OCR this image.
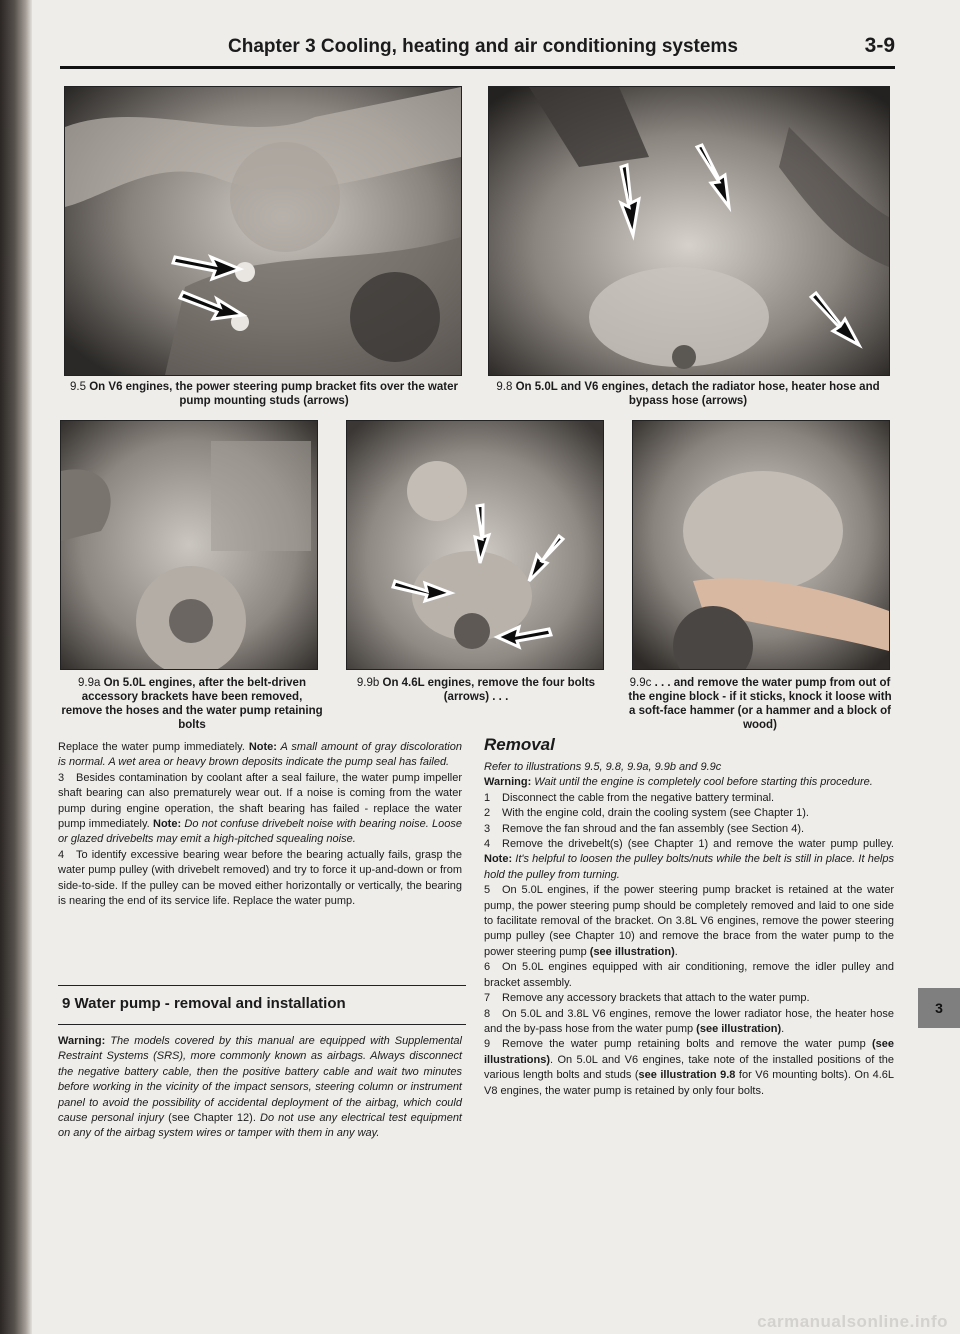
Chapter 3 Cooling, heating and air conditioning systems	3-9
9.5 On V6 engines, the power steering pump bracket fits over the water pump mounting studs (arrows)
9.8 On 5.0L and V6 engines, detach the radiator hose, heater hose and bypass hose (arrows)
9.9a On 5.0L engines, after the belt-driven accessory brackets have been removed, remove the hoses and the water pump retaining bolts
9.9b On 4.6L engines, remove the four bolts (arrows) . . .
9.9c . . . and remove the water pump from out of the engine block - if it sticks, knock it loose with a soft-face hammer (or a hammer and a block of wood)

Replace the water pump immediately. Note: A small amount of gray discoloration is normal. A wet area or heavy brown deposits indicate the pump seal has failed.

3 Besides contamination by coolant after a seal failure, the water pump impeller shaft bearing can also prematurely wear out. If a noise is coming from the water pump during engine operation, the shaft bearing has failed - replace the water pump immediately. Note: Do not confuse drivebelt noise with bearing noise. Loose or glazed drivebelts may emit a high-pitched squealing noise.

4 To identify excessive bearing wear before the bearing actually fails, grasp the water pump pulley (with drivebelt removed) and try to force it up-and-down or from side-to-side. If the pulley can be moved either horizontally or vertically, the bearing is nearing the end of its service life. Replace the water pump.

9 Water pump - removal and installation

Warning: The models covered by this manual are equipped with Supplemental Restraint Systems (SRS), more commonly known as airbags. Always disconnect the negative battery cable, then the positive battery cable and wait two minutes before working in the vicinity of the impact sensors, steering column or instrument panel to avoid the possibility of accidental deployment of the airbag, which could cause personal injury (see Chapter 12). Do not use any electrical test equipment on any of the airbag system wires or tamper with them in any way.

Removal

Refer to illustrations 9.5, 9.8, 9.9a, 9.9b and 9.9c

Warning: Wait until the engine is completely cool before starting this procedure.

1 Disconnect the cable from the negative battery terminal.

2 With the engine cold, drain the cooling system (see Chapter 1).

3 Remove the fan shroud and the fan assembly (see Section 4).

4 Remove the drivebelt(s) (see Chapter 1) and remove the water pump pulley. Note: It's helpful to loosen the pulley bolts/nuts while the belt is still in place. It helps hold the pulley from turning.

5 On 5.0L engines, if the power steering pump bracket is retained at the water pump, the power steering pump should be completely removed and laid to one side to facilitate removal of the bracket. On 3.8L V6 engines, remove the power steering pump pulley (see Chapter 10) and remove the brace from the water pump to the power steering pump (see illustration).

6 On 5.0L engines equipped with air conditioning, remove the idler pulley and bracket assembly.

7 Remove any accessory brackets that attach to the water pump.

8 On 5.0L and 3.8L V6 engines, remove the lower radiator hose, the heater hose and the by-pass hose from the water pump (see illustration).

9 Remove the water pump retaining bolts and remove the water pump (see illustrations). On 5.0L and V6 engines, take note of the installed positions of the various length bolts and studs (see illustration 9.8 for V6 mounting bolts). On 4.6L V8 engines, the water pump is retained by only four bolts.

3
carmanualsonline.info
